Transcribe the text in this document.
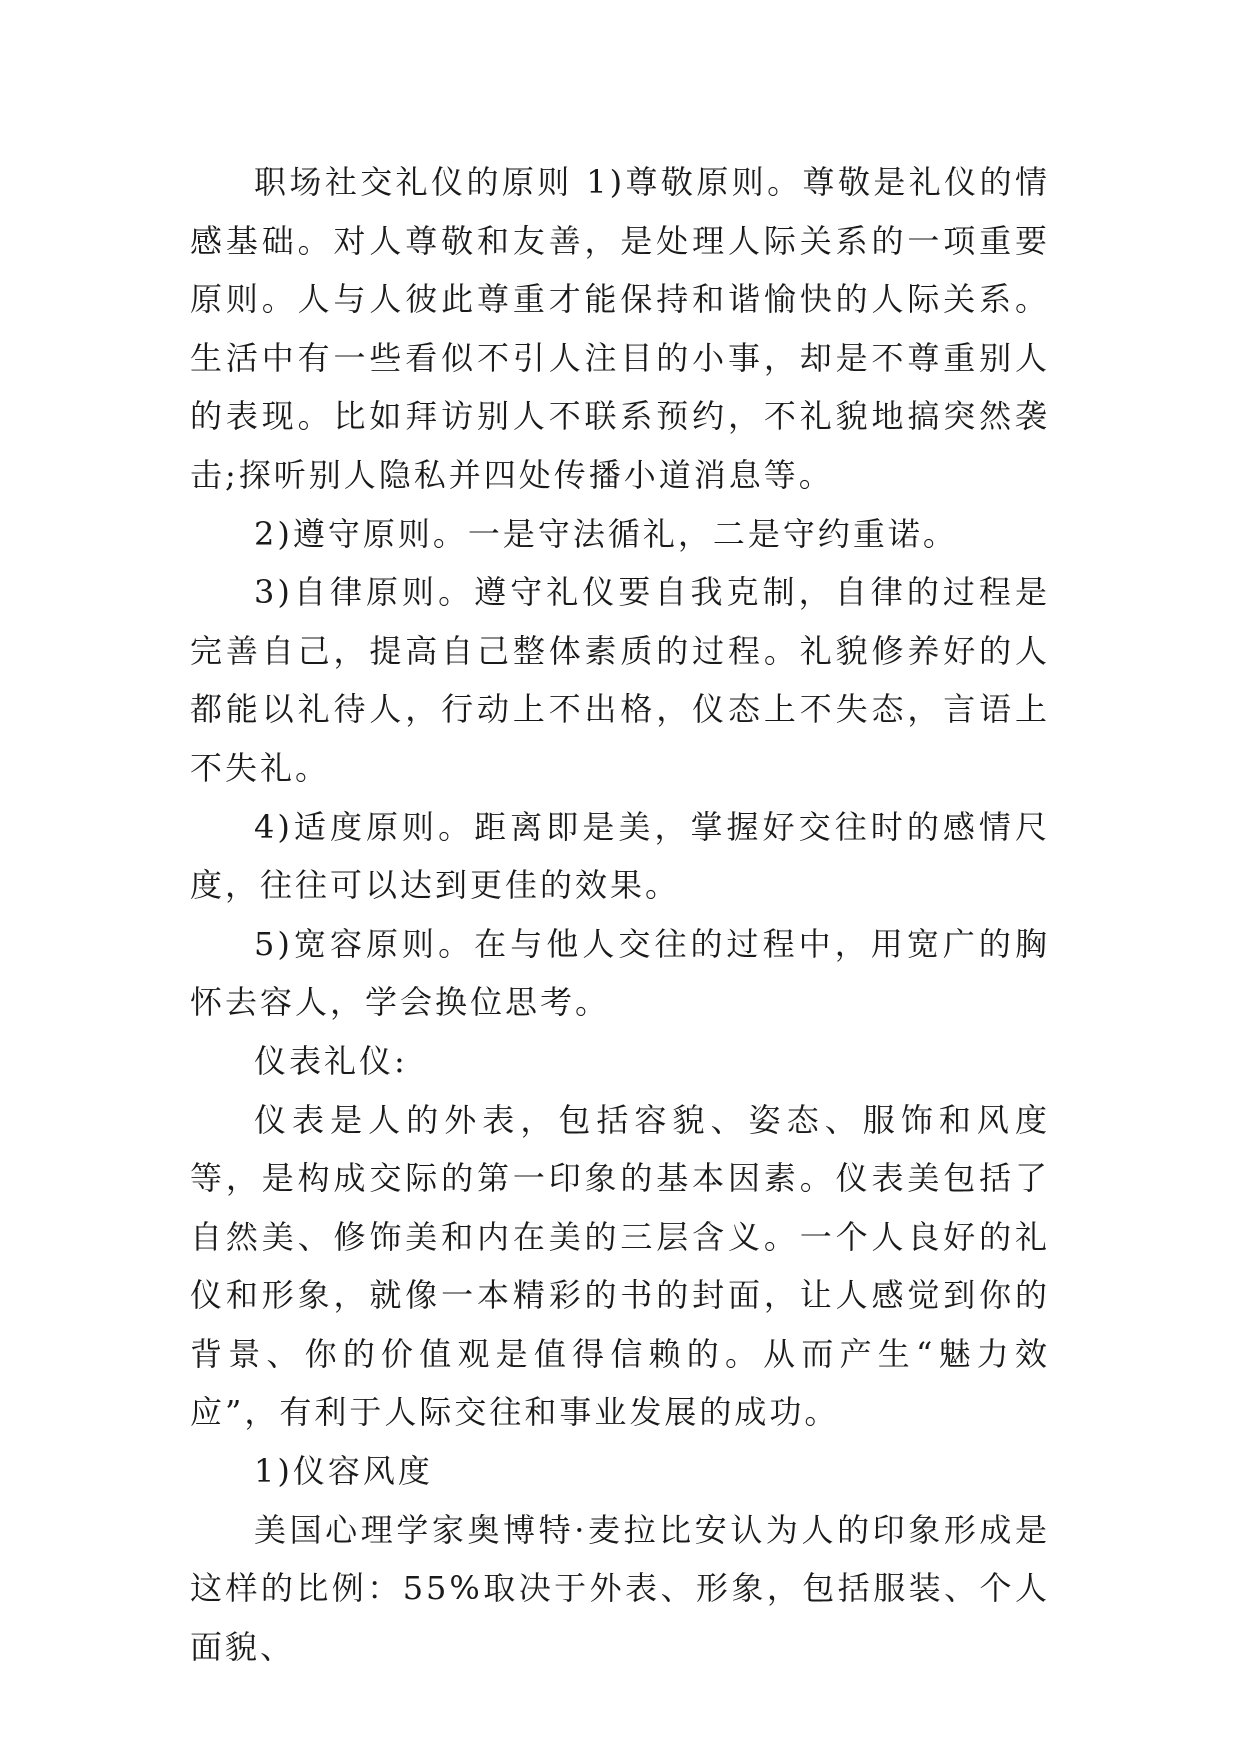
职场社交礼仪的原则 1)尊敬原则。尊敬是礼仪的情感基础。对人尊敬和友善，是处理人际关系的一项重要原则。人与人彼此尊重才能保持和谐愉快的人际关系。生活中有一些看似不引人注目的小事，却是不尊重别人的表现。比如拜访别人不联系预约，不礼貌地搞突然袭击;探听别人隐私并四处传播小道消息等。

2)遵守原则。一是守法循礼，二是守约重诺。

3)自律原则。遵守礼仪要自我克制，自律的过程是完善自己，提高自己整体素质的过程。礼貌修养好的人都能以礼待人，行动上不出格，仪态上不失态，言语上不失礼。

4)适度原则。距离即是美，掌握好交往时的感情尺度，往往可以达到更佳的效果。

5)宽容原则。在与他人交往的过程中，用宽广的胸怀去容人，学会换位思考。

仪表礼仪:

仪表是人的外表，包括容貌、姿态、服饰和风度等，是构成交际的第一印象的基本因素。仪表美包括了自然美、修饰美和内在美的三层含义。一个人良好的礼仪和形象，就像一本精彩的书的封面，让人感觉到你的背景、你的价值观是值得信赖的。从而产生“魅力效应”，有利于人际交往和事业发展的成功。

1)仪容风度

美国心理学家奥博特·麦拉比安认为人的印象形成是这样的比例：55%取决于外表、形象，包括服装、个人面貌、
